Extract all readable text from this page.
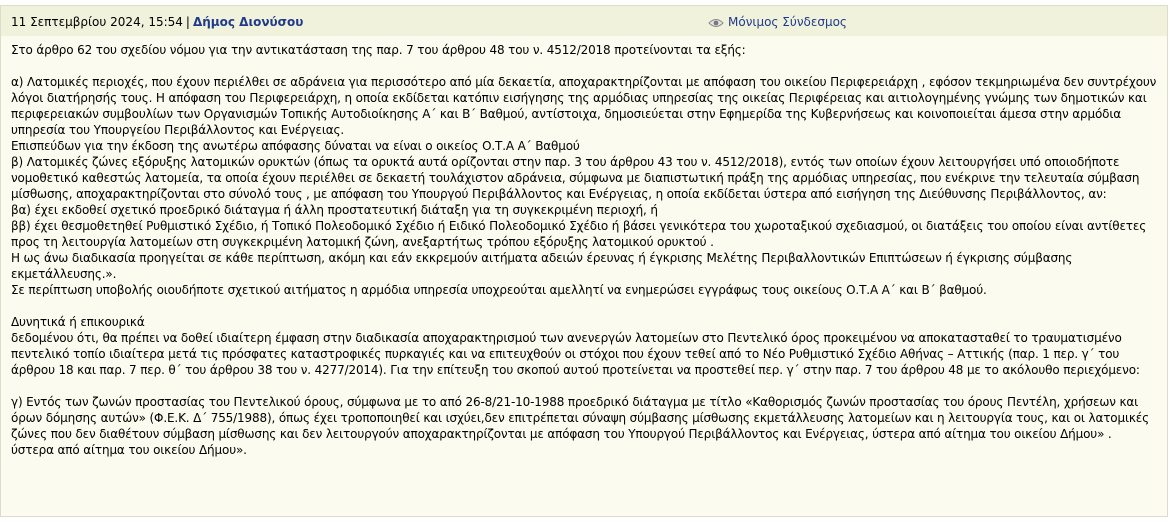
11 Σεπτεμβρίου 2024, 15:54 | Δήμος Διονύσου	Μόνιμος Σύνδεσμος

Στο άρθρο 62 του σχεδίου νόμου για την αντικατάσταση της παρ. 7 του άρθρου 48 του ν. 4512/2018 προτείνονται τα εξής:

α) Λατομικές περιοχές, που έχουν περιέλθει σε αδράνεια για περισσότερο από μία δεκαετία, αποχαρακτηρίζονται με απόφαση του οικείου Περιφερειάρχη , εφόσον τεκμηριωμένα δεν συντρέχουν λόγοι διατήρησής τους. Η απόφαση του Περιφερειάρχη, η οποία εκδίδεται κατόπιν εισήγησης της αρμόδιας υπηρεσίας της οικείας Περιφέρειας και αιτιολογημένης γνώμης των δημοτικών και περιφερειακών συμβουλίων των Οργανισμών Τοπικής Αυτοδιοίκησης Α΄ και Β΄ Βαθμού, αντίστοιχα, δημοσιεύεται στην Εφημερίδα της Κυβερνήσεως και κοινοποιείται άμεσα στην αρμόδια υπηρεσία του Υπουργείου Περιβάλλοντος και Ενέργειας.

Επισπεύδων για την έκδοση της ανωτέρω απόφασης δύναται να είναι ο οικείος Ο.Τ.Α Α΄ Βαθμού

β) Λατομικές ζώνες εξόρυξης λατομικών ορυκτών (όπως τα ορυκτά αυτά ορίζονται στην παρ. 3 του άρθρου 43 του ν. 4512/2018), εντός των οποίων έχουν λειτουργήσει υπό οποιοδήποτε νομοθετικό καθεστώς λατομεία, τα οποία έχουν περιέλθει σε δεκαετή τουλάχιστον αδράνεια, σύμφωνα με διαπιστωτική πράξη της αρμόδιας υπηρεσίας, που ενέκρινε την τελευταία σύμβαση μίσθωσης, αποχαρακτηρίζονται στο σύνολό τους , με απόφαση του Υπουργού Περιβάλλοντος και Ενέργειας, η οποία εκδίδεται ύστερα από εισήγηση της Διεύθυνσης Περιβάλλοντος, αν:

βα) έχει εκδοθεί σχετικό προεδρικό διάταγμα ή άλλη προστατευτική διάταξη για τη συγκεκριμένη περιοχή, ή

ββ) έχει θεσμοθετηθεί Ρυθμιστικό Σχέδιο, ή Τοπικό Πολεοδομικό Σχέδιο ή Ειδικό Πολεοδομικό Σχέδιο ή βάσει γενικότερα του χωροταξικού σχεδιασμού, οι διατάξεις του οποίου είναι αντίθετες προς τη λειτουργία λατομείων στη συγκεκριμένη λατομική ζώνη, ανεξαρτήτως τρόπου εξόρυξης λατομικού ορυκτού .

Η ως άνω διαδικασία προηγείται σε κάθε περίπτωση, ακόμη και εάν εκκρεμούν αιτήματα αδειών έρευνας ή έγκρισης Μελέτης Περιβαλλοντικών Επιπτώσεων ή έγκρισης σύμβασης εκμετάλλευσης.».

Σε περίπτωση υποβολής οιουδήποτε σχετικού αιτήματος η αρμόδια υπηρεσία υποχρεούται αμελλητί να ενημερώσει εγγράφως τους οικείους Ο.Τ.Α Α΄ και Β΄ βαθμού.

Δυνητικά ή επικουρικά

δεδομένου ότι, θα πρέπει να δοθεί ιδιαίτερη έμφαση στην διαδικασία αποχαρακτηρισμού των ανενεργών λατομείων στο Πεντελικό όρος προκειμένου να αποκατασταθεί το τραυματισμένο πεντελικό τοπίο ιδιαίτερα μετά τις πρόσφατες καταστροφικές πυρκαγιές και να επιτευχθούν οι στόχοι που έχουν τεθεί από το Νέο Ρυθμιστικό Σχέδιο Αθήνας – Αττικής (παρ. 1 περ. γ΄ του άρθρου 18 και παρ. 7 περ. θ΄ του άρθρου 38 του ν. 4277/2014). Για την επίτευξη του σκοπού αυτού προτείνεται να προστεθεί περ. γ΄ στην παρ. 7 του άρθρου 48 με το ακόλουθο περιεχόμενο:

γ) Εντός των ζωνών προστασίας του Πεντελικού όρους, σύμφωνα με το από 26-8/21-10-1988 προεδρικό διάταγμα με τίτλο «Καθορισμός ζωνών προστασίας του όρους Πεντέλη, χρήσεων και όρων δόμησης αυτών» (Φ.Ε.Κ. Δ΄ 755/1988), όπως έχει τροποποιηθεί και ισχύει,δεν επιτρέπεται σύναψη σύμβασης μίσθωσης εκμετάλλευσης λατομείων και η λειτουργία τους, και οι λατομικές ζώνες που δεν διαθέτουν σύμβαση μίσθωσης και δεν λειτουργούν αποχαρακτηρίζονται με απόφαση του Υπουργού Περιβάλλοντος και Ενέργειας, ύστερα από αίτημα του οικείου Δήμου» . ύστερα από αίτημα του οικείου Δήμου».
